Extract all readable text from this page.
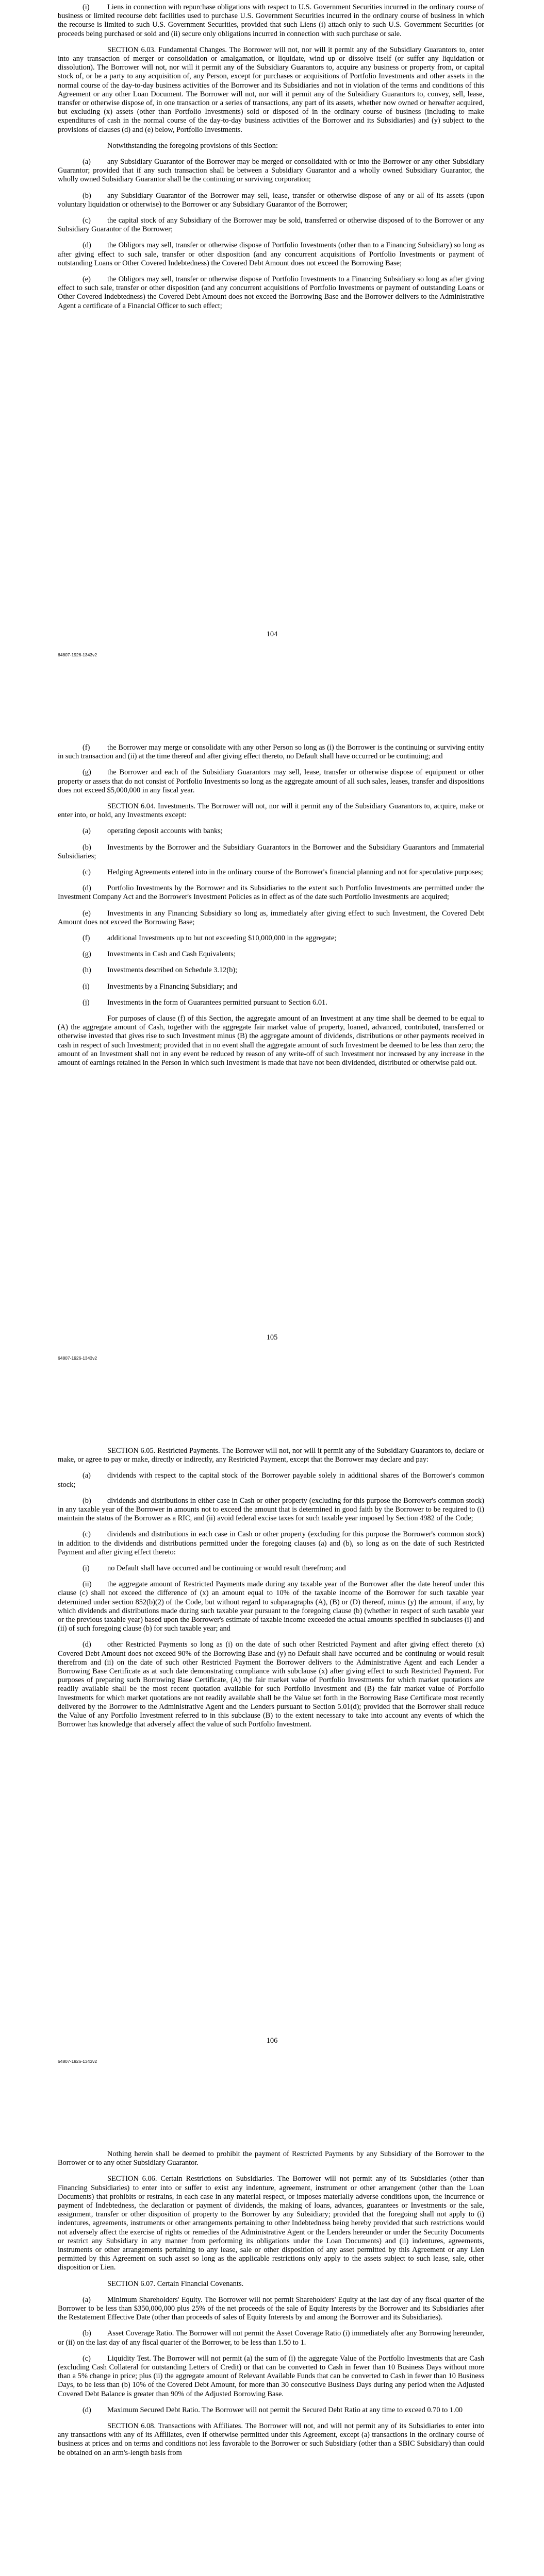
(i) Liens in connection with repurchase obligations with respect to U.S. Government Securities incurred in the ordinary course of business or limited recourse debt facilities used to purchase U.S. Government Securities incurred in the ordinary course of business in which the recourse is limited to such U.S. Government Securities, provided that such Liens (i) attach only to such U.S. Government Securities (or proceeds being purchased or sold and (ii) secure only obligations incurred in connection with such purchase or sale.

SECTION 6.03. Fundamental Changes. The Borrower will not, nor will it permit any of the Subsidiary Guarantors to, enter into any transaction of merger or consolidation or amalgamation, or liquidate, wind up or dissolve itself (or suffer any liquidation or dissolution). The Borrower will not, nor will it permit any of the Subsidiary Guarantors to, acquire any business or property from, or capital stock of, or be a party to any acquisition of, any Person, except for purchases or acquisitions of Portfolio Investments and other assets in the normal course of the day-to-day business activities of the Borrower and its Subsidiaries and not in violation of the terms and conditions of this Agreement or any other Loan Document. The Borrower will not, nor will it permit any of the Subsidiary Guarantors to, convey, sell, lease, transfer or otherwise dispose of, in one transaction or a series of transactions, any part of its assets, whether now owned or hereafter acquired, but excluding (x) assets (other than Portfolio Investments) sold or disposed of in the ordinary course of business (including to make expenditures of cash in the normal course of the day-to-day business activities of the Borrower and its Subsidiaries) and (y) subject to the provisions of clauses (d) and (e) below, Portfolio Investments.

Notwithstanding the foregoing provisions of this Section:

(a) any Subsidiary Guarantor of the Borrower may be merged or consolidated with or into the Borrower or any other Subsidiary Guarantor; provided that if any such transaction shall be between a Subsidiary Guarantor and a wholly owned Subsidiary Guarantor, the wholly owned Subsidiary Guarantor shall be the continuing or surviving corporation;

(b) any Subsidiary Guarantor of the Borrower may sell, lease, transfer or otherwise dispose of any or all of its assets (upon voluntary liquidation or otherwise) to the Borrower or any Subsidiary Guarantor of the Borrower;

(c) the capital stock of any Subsidiary of the Borrower may be sold, transferred or otherwise disposed of to the Borrower or any Subsidiary Guarantor of the Borrower;

(d) the Obligors may sell, transfer or otherwise dispose of Portfolio Investments (other than to a Financing Subsidiary) so long as after giving effect to such sale, transfer or other disposition (and any concurrent acquisitions of Portfolio Investments or payment of outstanding Loans or Other Covered Indebtedness) the Covered Debt Amount does not exceed the Borrowing Base;

(e) the Obligors may sell, transfer or otherwise dispose of Portfolio Investments to a Financing Subsidiary so long as after giving effect to such sale, transfer or other disposition (and any concurrent acquisitions of Portfolio Investments or payment of outstanding Loans or Other Covered Indebtedness) the Covered Debt Amount does not exceed the Borrowing Base and the Borrower delivers to the Administrative Agent a certificate of a Financial Officer to such effect;

104
64807-1926-1343v2

(f) the Borrower may merge or consolidate with any other Person so long as (i) the Borrower is the continuing or surviving entity in such transaction and (ii) at the time thereof and after giving effect thereto, no Default shall have occurred or be continuing; and

(g) the Borrower and each of the Subsidiary Guarantors may sell, lease, transfer or otherwise dispose of equipment or other property or assets that do not consist of Portfolio Investments so long as the aggregate amount of all such sales, leases, transfer and dispositions does not exceed $5,000,000 in any fiscal year.

SECTION 6.04. Investments. The Borrower will not, nor will it permit any of the Subsidiary Guarantors to, acquire, make or enter into, or hold, any Investments except:

(a) operating deposit accounts with banks;

(b) Investments by the Borrower and the Subsidiary Guarantors in the Borrower and the Subsidiary Guarantors and Immaterial Subsidiaries;

(c) Hedging Agreements entered into in the ordinary course of the Borrower's financial planning and not for speculative purposes;

(d) Portfolio Investments by the Borrower and its Subsidiaries to the extent such Portfolio Investments are permitted under the Investment Company Act and the Borrower's Investment Policies as in effect as of the date such Portfolio Investments are acquired;

(e) Investments in any Financing Subsidiary so long as, immediately after giving effect to such Investment, the Covered Debt Amount does not exceed the Borrowing Base;

(f) additional Investments up to but not exceeding $10,000,000 in the aggregate;

(g) Investments in Cash and Cash Equivalents;

(h) Investments described on Schedule 3.12(b);

(i) Investments by a Financing Subsidiary; and

(j) Investments in the form of Guarantees permitted pursuant to Section 6.01.

For purposes of clause (f) of this Section, the aggregate amount of an Investment at any time shall be deemed to be equal to (A) the aggregate amount of Cash, together with the aggregate fair market value of property, loaned, advanced, contributed, transferred or otherwise invested that gives rise to such Investment minus (B) the aggregate amount of dividends, distributions or other payments received in cash in respect of such Investment; provided that in no event shall the aggregate amount of such Investment be deemed to be less than zero; the amount of an Investment shall not in any event be reduced by reason of any write-off of such Investment nor increased by any increase in the amount of earnings retained in the Person in which such Investment is made that have not been dividended, distributed or otherwise paid out.

105
64807-1926-1343v2

SECTION 6.05. Restricted Payments. The Borrower will not, nor will it permit any of the Subsidiary Guarantors to, declare or make, or agree to pay or make, directly or indirectly, any Restricted Payment, except that the Borrower may declare and pay:

(a) dividends with respect to the capital stock of the Borrower payable solely in additional shares of the Borrower's common stock;

(b) dividends and distributions in either case in Cash or other property (excluding for this purpose the Borrower's common stock) in any taxable year of the Borrower in amounts not to exceed the amount that is determined in good faith by the Borrower to be required to (i) maintain the status of the Borrower as a RIC, and (ii) avoid federal excise taxes for such taxable year imposed by Section 4982 of the Code;

(c) dividends and distributions in each case in Cash or other property (excluding for this purpose the Borrower's common stock) in addition to the dividends and distributions permitted under the foregoing clauses (a) and (b), so long as on the date of such Restricted Payment and after giving effect thereto:

(i) no Default shall have occurred and be continuing or would result therefrom; and

(ii) the aggregate amount of Restricted Payments made during any taxable year of the Borrower after the date hereof under this clause (c) shall not exceed the difference of (x) an amount equal to 10% of the taxable income of the Borrower for such taxable year determined under section 852(b)(2) of the Code, but without regard to subparagraphs (A), (B) or (D) thereof, minus (y) the amount, if any, by which dividends and distributions made during such taxable year pursuant to the foregoing clause (b) (whether in respect of such taxable year or the previous taxable year) based upon the Borrower's estimate of taxable income exceeded the actual amounts specified in subclauses (i) and (ii) of such foregoing clause (b) for such taxable year; and

(d) other Restricted Payments so long as (i) on the date of such other Restricted Payment and after giving effect thereto (x) Covered Debt Amount does not exceed 90% of the Borrowing Base and (y) no Default shall have occurred and be continuing or would result therefrom and (ii) on the date of such other Restricted Payment the Borrower delivers to the Administrative Agent and each Lender a Borrowing Base Certificate as at such date demonstrating compliance with subclause (x) after giving effect to such Restricted Payment. For purposes of preparing such Borrowing Base Certificate, (A) the fair market value of Portfolio Investments for which market quotations are readily available shall be the most recent quotation available for such Portfolio Investment and (B) the fair market value of Portfolio Investments for which market quotations are not readily available shall be the Value set forth in the Borrowing Base Certificate most recently delivered by the Borrower to the Administrative Agent and the Lenders pursuant to Section 5.01(d); provided that the Borrower shall reduce the Value of any Portfolio Investment referred to in this subclause (B) to the extent necessary to take into account any events of which the Borrower has knowledge that adversely affect the value of such Portfolio Investment.

106
64807-1926-1343v2

Nothing herein shall be deemed to prohibit the payment of Restricted Payments by any Subsidiary of the Borrower to the Borrower or to any other Subsidiary Guarantor.

SECTION 6.06. Certain Restrictions on Subsidiaries. The Borrower will not permit any of its Subsidiaries (other than Financing Subsidiaries) to enter into or suffer to exist any indenture, agreement, instrument or other arrangement (other than the Loan Documents) that prohibits or restrains, in each case in any material respect, or imposes materially adverse conditions upon, the incurrence or payment of Indebtedness, the declaration or payment of dividends, the making of loans, advances, guarantees or Investments or the sale, assignment, transfer or other disposition of property to the Borrower by any Subsidiary; provided that the foregoing shall not apply to (i) indentures, agreements, instruments or other arrangements pertaining to other Indebtedness being hereby provided that such restrictions would not adversely affect the exercise of rights or remedies of the Administrative Agent or the Lenders hereunder or under the Security Documents or restrict any Subsidiary in any manner from performing its obligations under the Loan Documents) and (ii) indentures, agreements, instruments or other arrangements pertaining to any lease, sale or other disposition of any asset permitted by this Agreement or any Lien permitted by this Agreement on such asset so long as the applicable restrictions only apply to the assets subject to such lease, sale, other disposition or Lien.

SECTION 6.07. Certain Financial Covenants.

(a) Minimum Shareholders' Equity. The Borrower will not permit Shareholders' Equity at the last day of any fiscal quarter of the Borrower to be less than $350,000,000 plus 25% of the net proceeds of the sale of Equity Interests by the Borrower and its Subsidiaries after the Restatement Effective Date (other than proceeds of sales of Equity Interests by and among the Borrower and its Subsidiaries).

(b) Asset Coverage Ratio. The Borrower will not permit the Asset Coverage Ratio (i) immediately after any Borrowing hereunder, or (ii) on the last day of any fiscal quarter of the Borrower, to be less than 1.50 to 1.

(c) Liquidity Test. The Borrower will not permit (a) the sum of (i) the aggregate Value of the Portfolio Investments that are Cash (excluding Cash Collateral for outstanding Letters of Credit) or that can be converted to Cash in fewer than 10 Business Days without more than a 5% change in price; plus (ii) the aggregate amount of Relevant Available Funds that can be converted to Cash in fewer than 10 Business Days, to be less than (b) 10% of the Covered Debt Amount, for more than 30 consecutive Business Days during any period when the Adjusted Covered Debt Balance is greater than 90% of the Adjusted Borrowing Base.

(d) Maximum Secured Debt Ratio. The Borrower will not permit the Secured Debt Ratio at any time to exceed 0.70 to 1.00

SECTION 6.08. Transactions with Affiliates. The Borrower will not, and will not permit any of its Subsidiaries to enter into any transactions with any of its Affiliates, even if otherwise permitted under this Agreement, except (a) transactions in the ordinary course of business at prices and on terms and conditions not less favorable to the Borrower or such Subsidiary (other than a SBIC Subsidiary) than could be obtained on an arm's-length basis from
